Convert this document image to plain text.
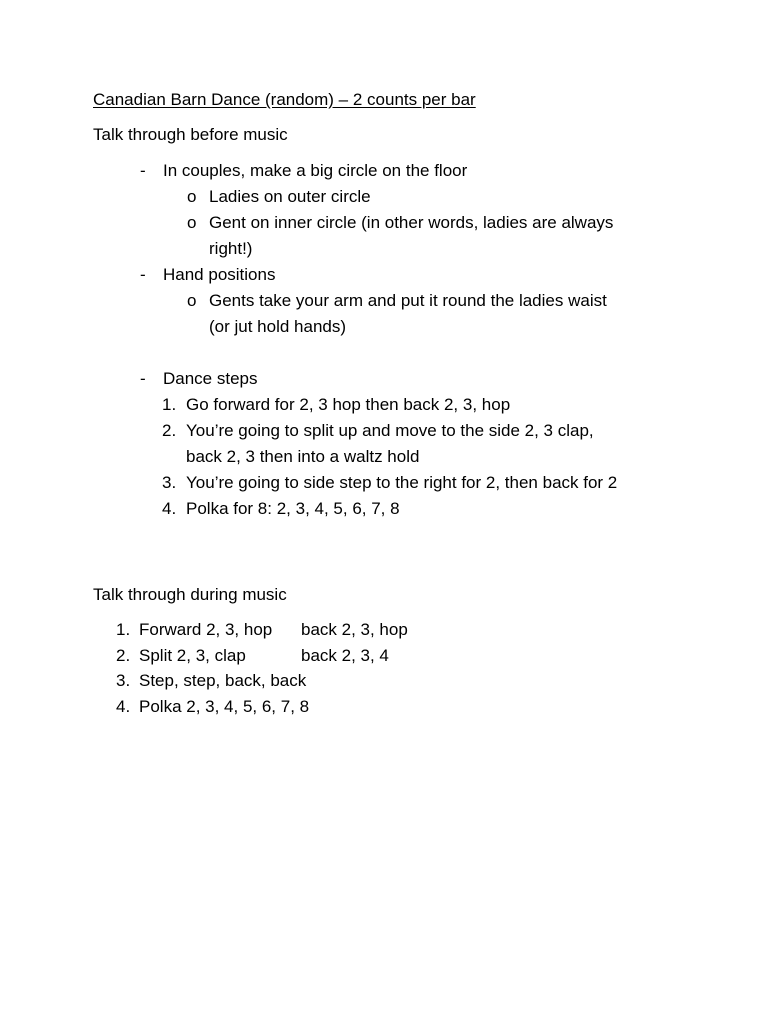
Canadian Barn Dance (random) – 2 counts per bar
Talk through before music
- In couples, make a big circle on the floor
o Ladies on outer circle
o Gent on inner circle (in other words, ladies are always
right!)
- Hand positions
o Gents take your arm and put it round the ladies waist
(or jut hold hands)
- Dance steps
1. Go forward for 2, 3 hop then back 2, 3, hop
2. You’re going to split up and move to the side 2, 3 clap,
back 2, 3 then into a waltz hold
3. You’re going to side step to the right for 2, then back for 2
4. Polka for 8: 2, 3, 4, 5, 6, 7, 8
Talk through during music
1. Forward 2, 3, hop back 2, 3, hop
2. Split 2, 3, clap	back 2, 3, 4
3. Step, step, back, back
4. Polka 2, 3, 4, 5, 6, 7, 8
